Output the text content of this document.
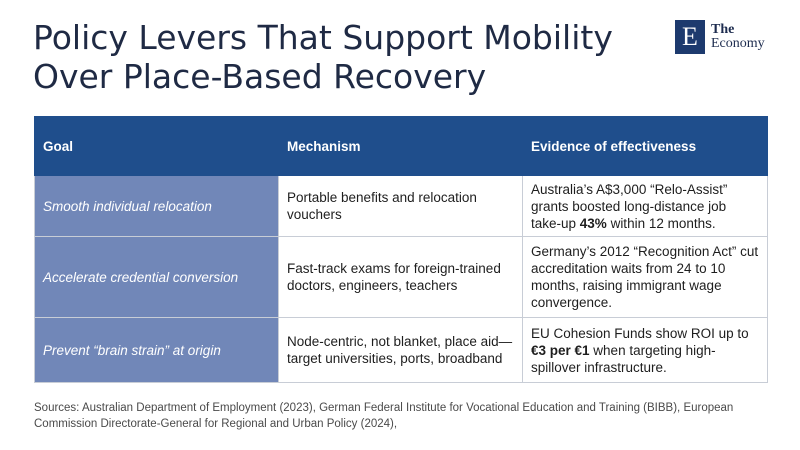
Policy Levers That Support Mobility Over Place-Based Recovery
E The
Economy
Goal	Mechanism	Evidence of effectiveness
Smooth individual relocation	Portable benefits and relocation vouchers	Australia’s A$3,000 “Relo-Assist” grants boosted long-distance job take-up 43% within 12 months.
Accelerate credential conversion	Fast-track exams for foreign-trained doctors, engineers, teachers	Germany’s 2012 “Recognition Act” cut accreditation waits from 24 to 10 months, raising immigrant wage convergence.
Prevent “brain strain” at origin	Node-centric, not blanket, place aid—target universities, ports, broadband	EU Cohesion Funds show ROI up to €3 per €1 when targeting high-spillover infrastructure.
Sources: Australian Department of Employment (2023), German Federal Institute for Vocational Education and Training (BIBB), European Commission Directorate-General for Regional and Urban Policy (2024),
